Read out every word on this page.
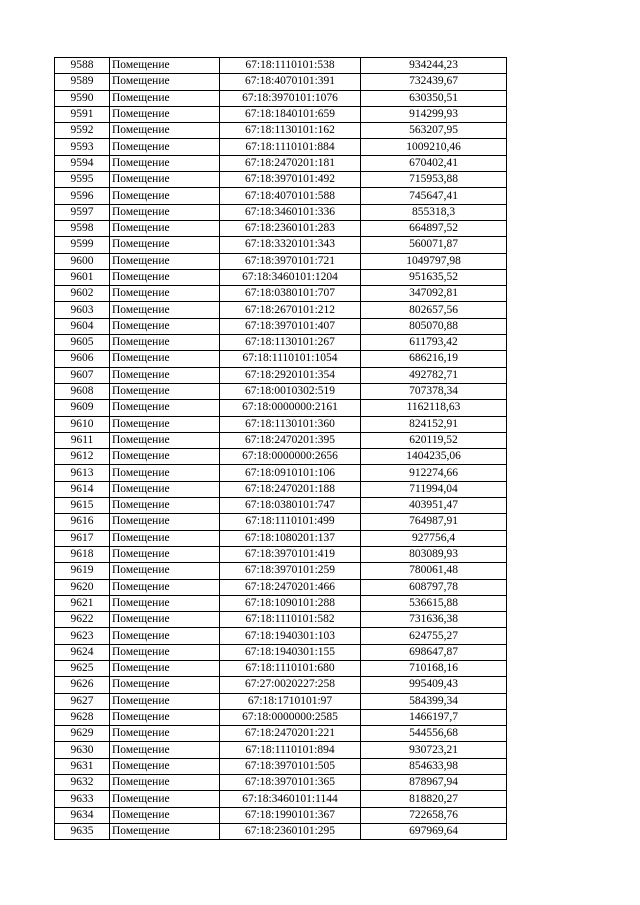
9588	Помещение	67:18:1110101:538	934244,23
9589	Помещение	67:18:4070101:391	732439,67
9590	Помещение	67:18:3970101:1076	630350,51
9591	Помещение	67:18:1840101:659	914299,93
9592	Помещение	67:18:1130101:162	563207,95
9593	Помещение	67:18:1110101:884	1009210,46
9594	Помещение	67:18:2470201:181	670402,41
9595	Помещение	67:18:3970101:492	715953,88
9596	Помещение	67:18:4070101:588	745647,41
9597	Помещение	67:18:3460101:336	855318,3
9598	Помещение	67:18:2360101:283	664897,52
9599	Помещение	67:18:3320101:343	560071,87
9600	Помещение	67:18:3970101:721	1049797,98
9601	Помещение	67:18:3460101:1204	951635,52
9602	Помещение	67:18:0380101:707	347092,81
9603	Помещение	67:18:2670101:212	802657,56
9604	Помещение	67:18:3970101:407	805070,88
9605	Помещение	67:18:1130101:267	611793,42
9606	Помещение	67:18:1110101:1054	686216,19
9607	Помещение	67:18:2920101:354	492782,71
9608	Помещение	67:18:0010302:519	707378,34
9609	Помещение	67:18:0000000:2161	1162118,63
9610	Помещение	67:18:1130101:360	824152,91
9611	Помещение	67:18:2470201:395	620119,52
9612	Помещение	67:18:0000000:2656	1404235,06
9613	Помещение	67:18:0910101:106	912274,66
9614	Помещение	67:18:2470201:188	711994,04
9615	Помещение	67:18:0380101:747	403951,47
9616	Помещение	67:18:1110101:499	764987,91
9617	Помещение	67:18:1080201:137	927756,4
9618	Помещение	67:18:3970101:419	803089,93
9619	Помещение	67:18:3970101:259	780061,48
9620	Помещение	67:18:2470201:466	608797,78
9621	Помещение	67:18:1090101:288	536615,88
9622	Помещение	67:18:1110101:582	731636,38
9623	Помещение	67:18:1940301:103	624755,27
9624	Помещение	67:18:1940301:155	698647,87
9625	Помещение	67:18:1110101:680	710168,16
9626	Помещение	67:27:0020227:258	995409,43
9627	Помещение	67:18:1710101:97	584399,34
9628	Помещение	67:18:0000000:2585	1466197,7
9629	Помещение	67:18:2470201:221	544556,68
9630	Помещение	67:18:1110101:894	930723,21
9631	Помещение	67:18:3970101:505	854633,98
9632	Помещение	67:18:3970101:365	878967,94
9633	Помещение	67:18:3460101:1144	818820,27
9634	Помещение	67:18:1990101:367	722658,76
9635	Помещение	67:18:2360101:295	697969,64
